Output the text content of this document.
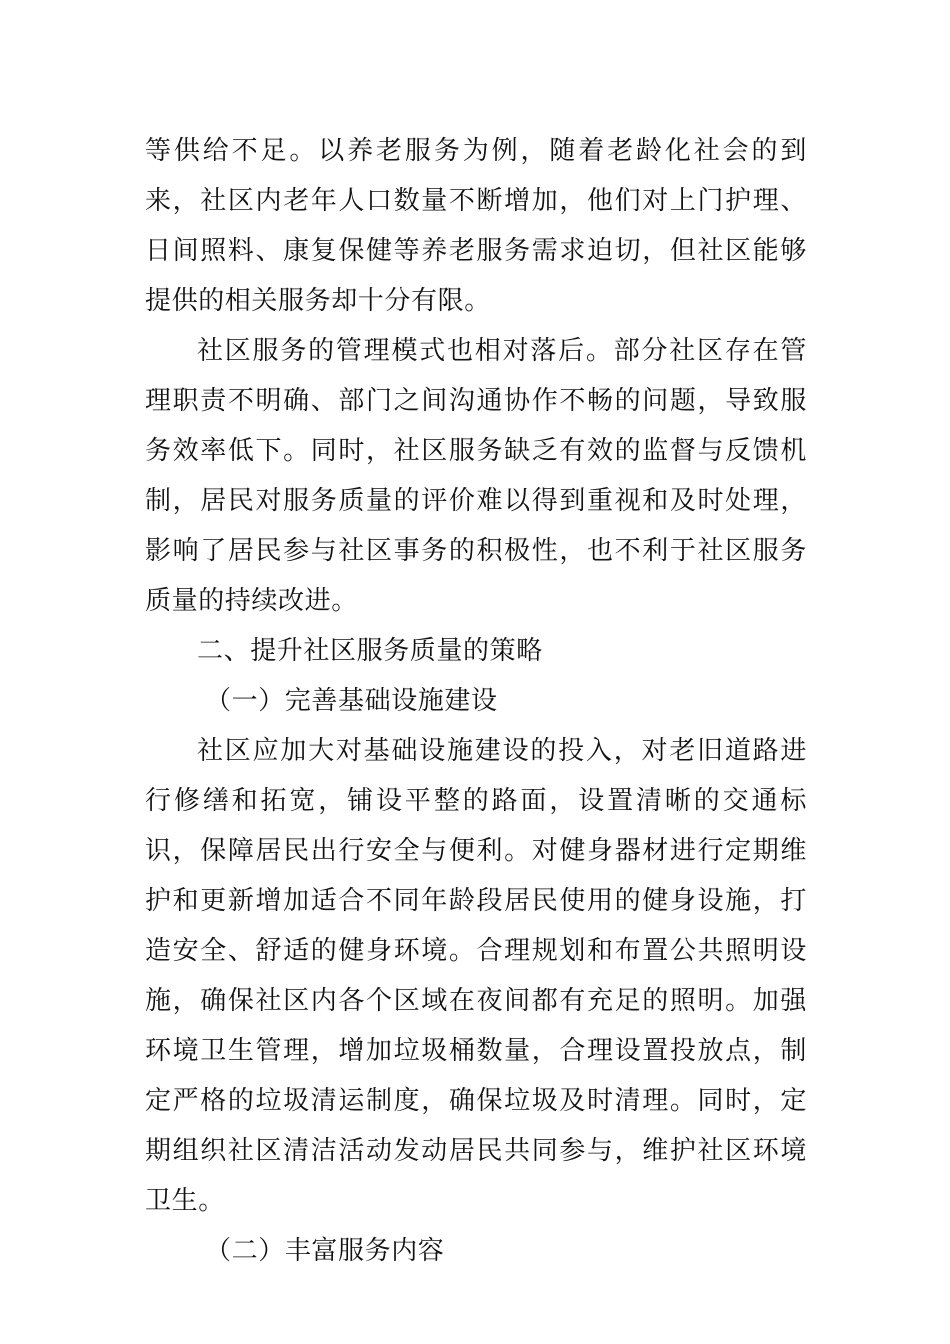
等供给不足。以养老服务为例，随着老龄化社会的到来，社区内老年人口数量不断增加，他们对上门护理、日间照料、康复保健等养老服务需求迫切，但社区能够提供的相关服务却十分有限。

社区服务的管理模式也相对落后。部分社区存在管理职责不明确、部门之间沟通协作不畅的问题，导致服务效率低下。同时，社区服务缺乏有效的监督与反馈机制，居民对服务质量的评价难以得到重视和及时处理，影响了居民参与社区事务的积极性，也不利于社区服务质量的持续改进。

二、提升社区服务质量的策略

（一）完善基础设施建设

社区应加大对基础设施建设的投入，对老旧道路进行修缮和拓宽，铺设平整的路面，设置清晰的交通标识，保障居民出行安全与便利。对健身器材进行定期维护和更新增加适合不同年龄段居民使用的健身设施，打造安全、舒适的健身环境。合理规划和布置公共照明设施，确保社区内各个区域在夜间都有充足的照明。加强环境卫生管理，增加垃圾桶数量，合理设置投放点，制定严格的垃圾清运制度，确保垃圾及时清理。同时，定期组织社区清洁活动发动居民共同参与，维护社区环境卫生。

（二）丰富服务内容
